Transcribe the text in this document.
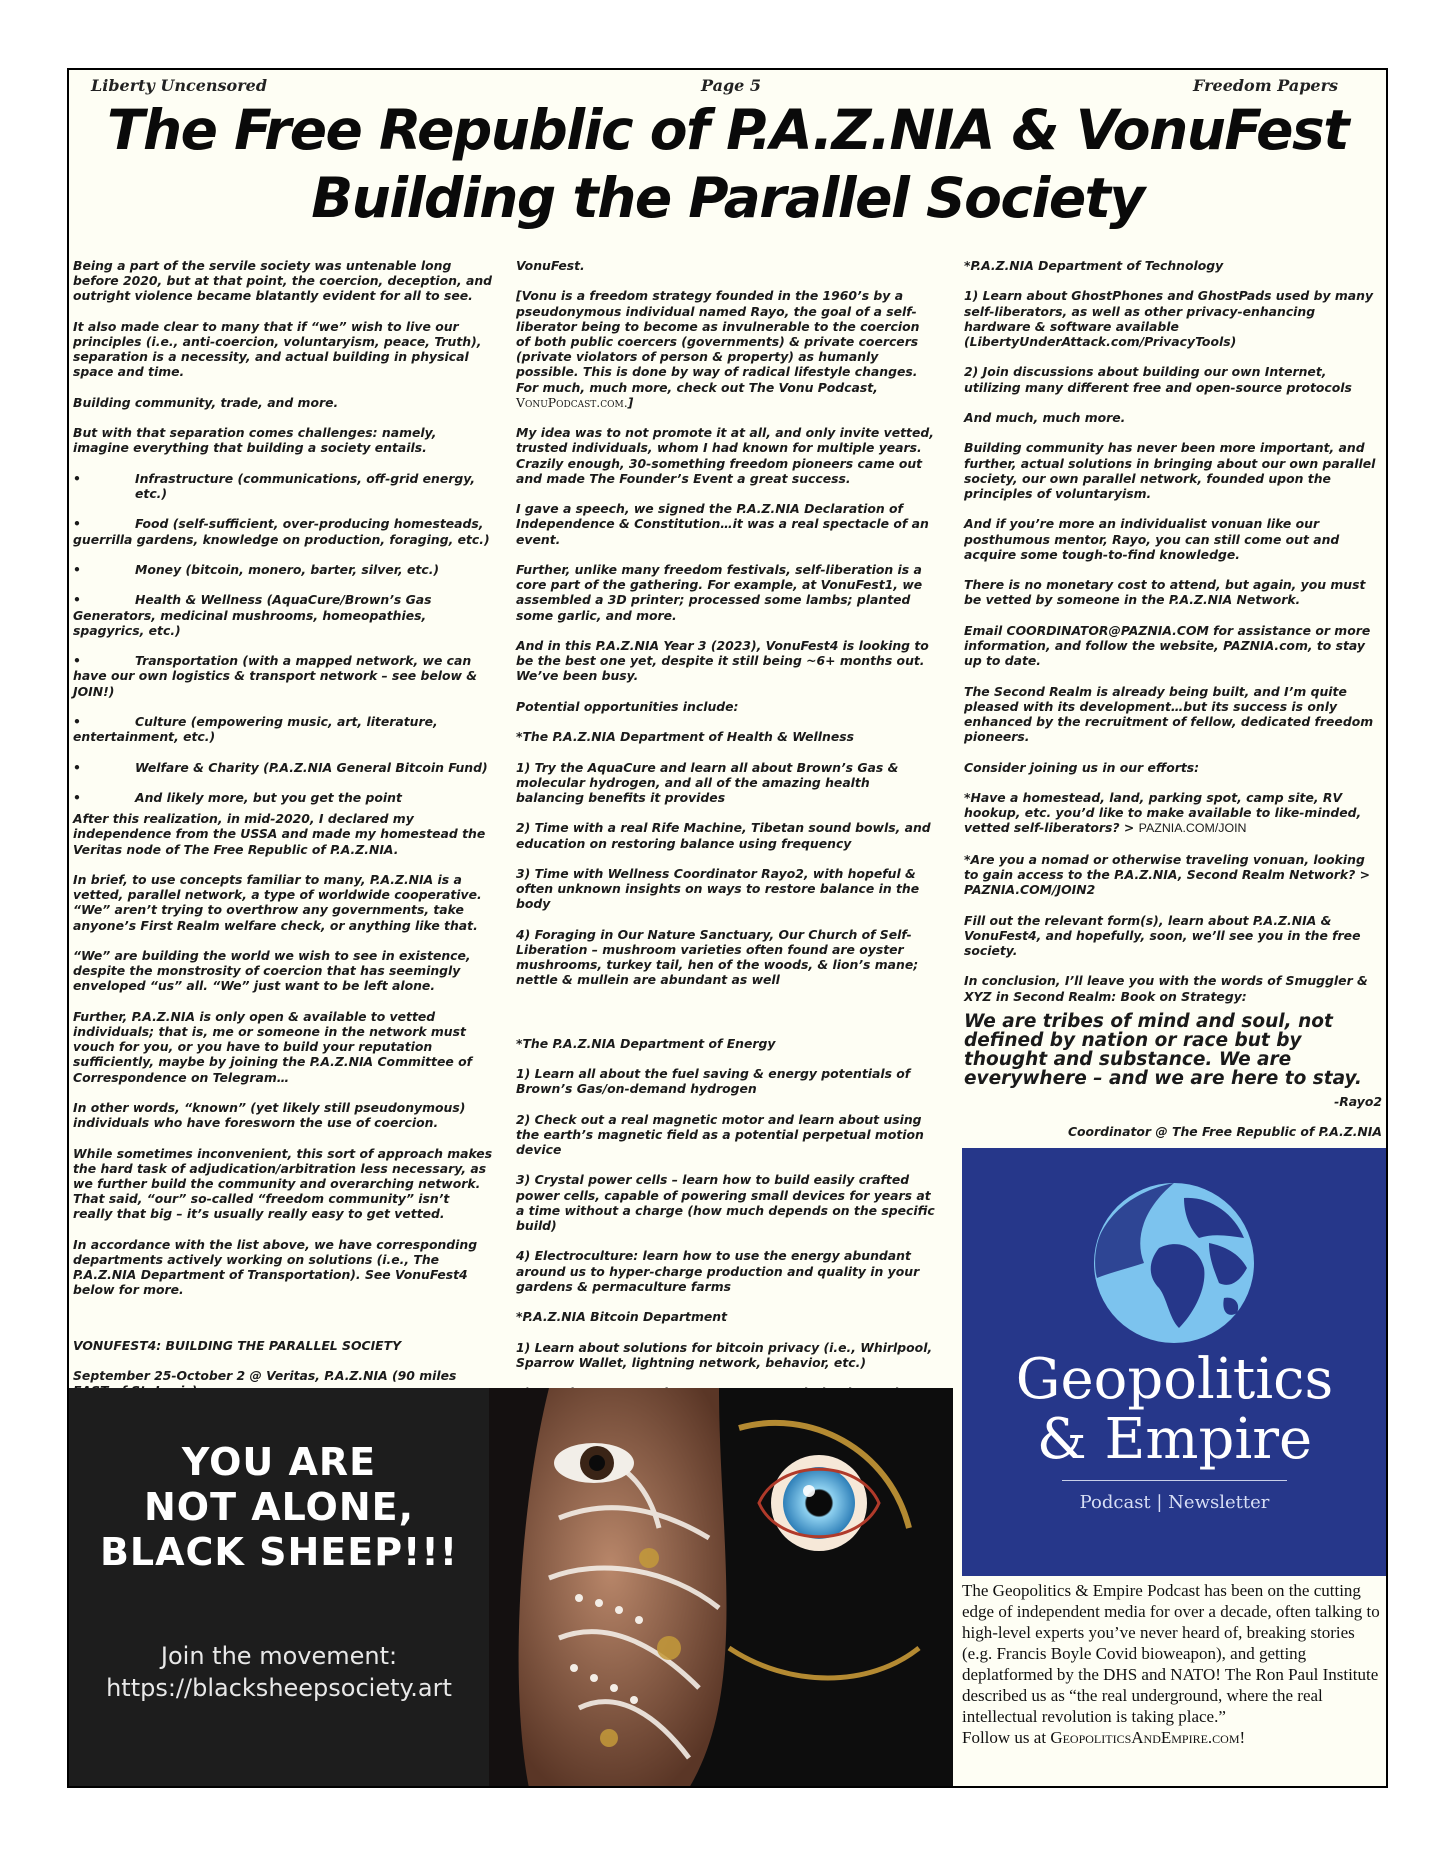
Liberty Uncensored	Page 5	Freedom Papers
The Free Republic of P.A.Z.NIA & VonuFest
Building the Parallel Society

Being a part of the servile society was untenable long before 2020, but at that point, the coercion, deception, and outright violence became blatantly evident for all to see.

It also made clear to many that if “we” wish to live our principles (i.e., anti-coercion, voluntaryism, peace, Truth), separation is a necessity, and actual building in physical space and time.

Building community, trade, and more.

But with that separation comes challenges: namely, imagine everything that building a society entails.

•	Infrastructure (communications, off-grid energy, etc.)

•	Food (self-sufficient, over-producing homesteads, guerrilla gardens, knowledge on production, foraging, etc.)

•	Money (bitcoin, monero, barter, silver, etc.)

•	Health & Wellness (AquaCure/Brown’s Gas Generators, medicinal mushrooms, homeopathies, spagyrics, etc.)

•	Transportation (with a mapped network, we can have our own logistics & transport network – see below & JOIN!)

•	Culture (empowering music, art, literature, entertainment, etc.)

•	Welfare & Charity (P.A.Z.NIA General Bitcoin Fund)

•	And likely more, but you get the point

After this realization, in mid-2020, I declared my independence from the USSA and made my homestead the Veritas node of The Free Republic of P.A.Z.NIA.

In brief, to use concepts familiar to many, P.A.Z.NIA is a vetted, parallel network, a type of worldwide cooperative. “We” aren’t trying to overthrow any governments, take anyone’s First Realm welfare check, or anything like that.

“We” are building the world we wish to see in existence, despite the monstrosity of coercion that has seemingly enveloped “us” all. “We” just want to be left alone.

Further, P.A.Z.NIA is only open & available to vetted individuals; that is, me or someone in the network must vouch for you, or you have to build your reputation sufficiently, maybe by joining the P.A.Z.NIA Committee of Correspondence on Telegram…

In other words, “known” (yet likely still pseudonymous) individuals who have foresworn the use of coercion.

While sometimes inconvenient, this sort of approach makes the hard task of adjudication/arbitration less necessary, as we further build the community and overarching network. That said, “our” so-called “freedom community” isn’t really that big – it’s usually really easy to get vetted.

In accordance with the list above, we have corresponding departments actively working on solutions (i.e., The P.A.Z.NIA Department of Transportation). See VonuFest4 below for more.

VONUFEST4: BUILDING THE PARALLEL SOCIETY

September 25-October 2 @ Veritas, P.A.Z.NIA (90 miles

VonuFest.

[Vonu is a freedom strategy founded in the 1960’s by a pseudonymous individual named Rayo, the goal of a self-liberator being to become as invulnerable to the coercion of both public coercers (governments) & private coercers (private violators of person & property) as humanly possible. This is done by way of radical lifestyle changes. For much, much more, check out The Vonu Podcast, VonuPodcast.com.]

My idea was to not promote it at all, and only invite vetted, trusted individuals, whom I had known for multiple years. Crazily enough, 30-something freedom pioneers came out and made The Founder’s Event a great success.

I gave a speech, we signed the P.A.Z.NIA Declaration of Independence & Constitution…it was a real spectacle of an event.

Further, unlike many freedom festivals, self-liberation is a core part of the gathering. For example, at VonuFest1, we assembled a 3D printer; processed some lambs; planted some garlic, and more.

And in this P.A.Z.NIA Year 3 (2023), VonuFest4 is looking to be the best one yet, despite it still being ~6+ months out. We’ve been busy.

Potential opportunities include:

*The P.A.Z.NIA Department of Health & Wellness

1) Try the AquaCure and learn all about Brown’s Gas & molecular hydrogen, and all of the amazing health balancing benefits it provides

2) Time with a real Rife Machine, Tibetan sound bowls, and education on restoring balance using frequency

3) Time with Wellness Coordinator Rayo2, with hopeful & often unknown insights on ways to restore balance in the body

4) Foraging in Our Nature Sanctuary, Our Church of Self-Liberation – mushroom varieties often found are oyster mushrooms, turkey tail, hen of the woods, & lion’s mane; nettle & mullein are abundant as well

*The P.A.Z.NIA Department of Energy

1) Learn all about the fuel saving & energy potentials of Brown’s Gas/on-demand hydrogen

2) Check out a real magnetic motor and learn about using the earth’s magnetic field as a potential perpetual motion device

3) Crystal power cells – learn how to build easily crafted power cells, capable of powering small devices for years at a time without a charge (how much depends on the specific build)

4) Electroculture: learn how to use the energy abundant around us to hyper-charge production and quality in your gardens & permaculture farms

*P.A.Z.NIA Bitcoin Department

1) Learn about solutions for bitcoin privacy (i.e., Whirlpool, Sparrow Wallet, lightning network, behavior, etc.)

*P.A.Z.NIA Department of Technology

1) Learn about GhostPhones and GhostPads used by many self-liberators, as well as other privacy-enhancing hardware & software available (LibertyUnderAttack.com/PrivacyTools)

2) Join discussions about building our own Internet, utilizing many different free and open-source protocols

And much, much more.

Building community has never been more important, and further, actual solutions in bringing about our own parallel society, our own parallel network, founded upon the principles of voluntaryism.

And if you’re more an individualist vonuan like our posthumous mentor, Rayo, you can still come out and acquire some tough-to-find knowledge.

There is no monetary cost to attend, but again, you must be vetted by someone in the P.A.Z.NIA Network.

Email COORDINATOR@PAZNIA.COM for assistance or more information, and follow the website, PAZNIA.com, to stay up to date.

The Second Realm is already being built, and I’m quite pleased with its development…but its success is only enhanced by the recruitment of fellow, dedicated freedom pioneers.

Consider joining us in our efforts:

*Have a homestead, land, parking spot, camp site, RV hookup, etc. you’d like to make available to like-minded, vetted self-liberators? > PAZNIA.COM/JOIN

*Are you a nomad or otherwise traveling vonuan, looking to gain access to the P.A.Z.NIA, Second Realm Network? > PAZNIA.COM/JOIN2

Fill out the relevant form(s), learn about P.A.Z.NIA & VonuFest4, and hopefully, soon, we’ll see you in the free society.

In conclusion, I’ll leave you with the words of Smuggler & XYZ in Second Realm: Book on Strategy:

We are tribes of mind and soul, not defined by nation or race but by thought and substance. We are everywhere – and we are here to stay.

-Rayo2

Coordinator @ The Free Republic of P.A.Z.NIA

YOU ARE
NOT ALONE,
BLACK SHEEP!!!
Join the movement:
https://blacksheepsociety.art
Geopolitics
& Empire
Podcast | Newsletter
The Geopolitics & Empire Podcast has been on the cutting edge of independent media for over a decade, often talking to high-level experts you’ve never heard of, breaking stories (e.g. Francis Boyle Covid bioweapon), and getting deplatformed by the DHS and NATO! The Ron Paul Institute described us as “the real underground, where the real intellectual revolution is taking place.”
Follow us at GeopoliticsAndEmpire.com!
